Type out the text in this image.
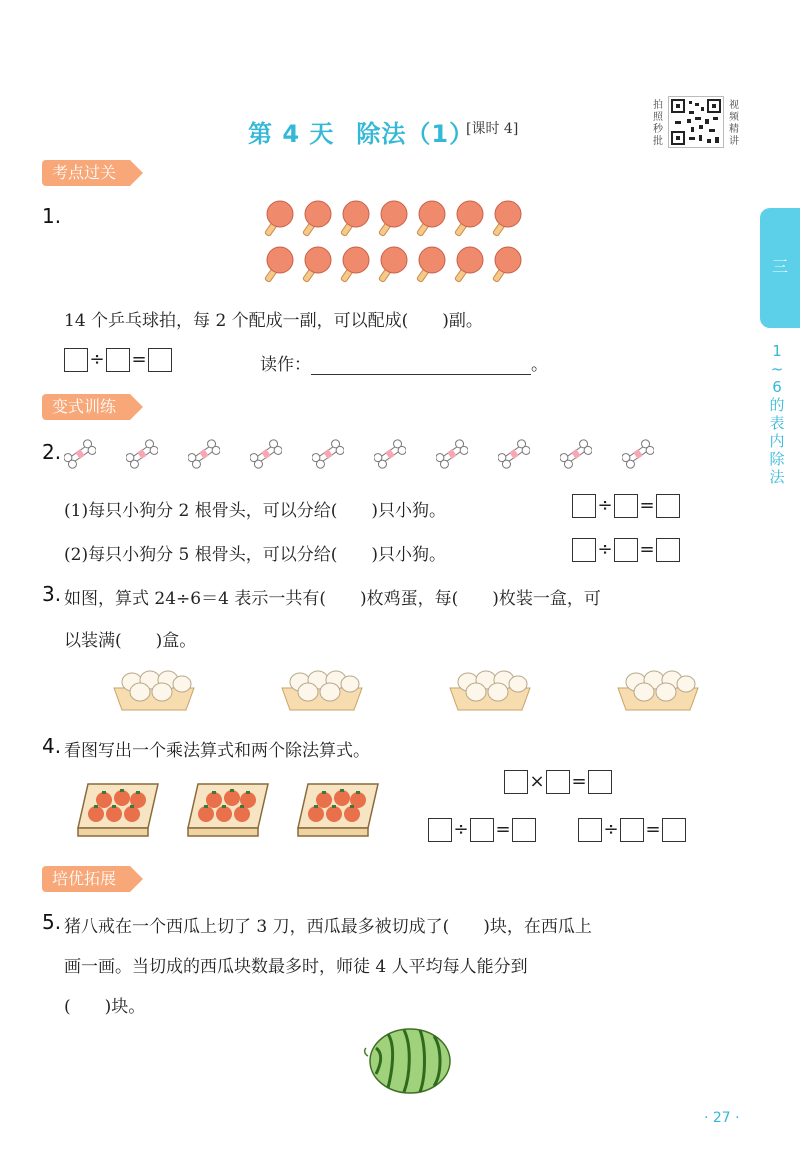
第 4 天 除法（1）
[课时 4]
拍
照
秒
批
视
频
精
讲
三
1~6的表内除法
考点过关
1.
14 个乒乓球拍，每 2 个配成一副，可以配成(　　)副。
÷ =	读作：	。
变式训练
2.
(1)每只小狗分 2 根骨头，可以分给(　　)只小狗。	÷ =
(2)每只小狗分 5 根骨头，可以分给(　　)只小狗。	÷ =
3. 如图，算式 24÷6＝4 表示一共有(　　)枚鸡蛋，每(　　)枚装一盒，可
以装满(　　)盒。
4. 看图写出一个乘法算式和两个除法算式。
× =
÷ =	÷ =
培优拓展
5. 猪八戒在一个西瓜上切了 3 刀，西瓜最多被切成了(　　)块，在西瓜上
画一画。当切成的西瓜块数最多时，师徒 4 人平均每人能分到
(　　)块。
· 27 ·
